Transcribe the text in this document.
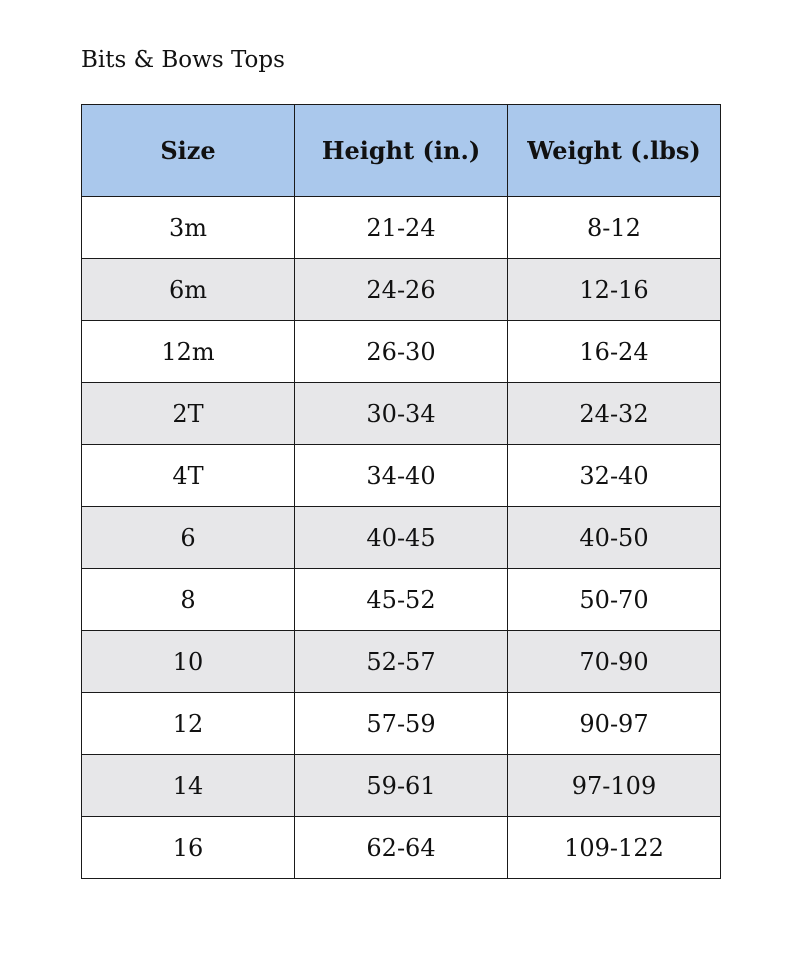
Bits & Bows Tops
Size	Height (in.)	Weight (.lbs)
3m	21-24	8-12
6m	24-26	12-16
12m	26-30	16-24
2T	30-34	24-32
4T	34-40	32-40
6	40-45	40-50
8	45-52	50-70
10	52-57	70-90
12	57-59	90-97
14	59-61	97-109
16	62-64	109-122
